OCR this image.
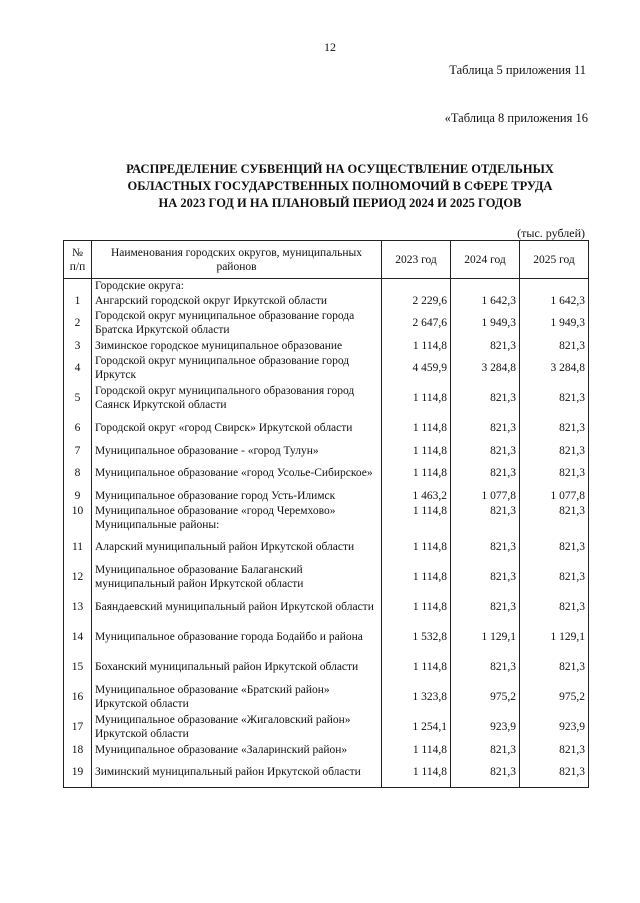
12
Таблица 5 приложения 11
«Таблица 8 приложения 16
РАСПРЕДЕЛЕНИЕ СУБВЕНЦИЙ НА ОСУЩЕСТВЛЕНИЕ ОТДЕЛЬНЫХ
ОБЛАСТНЫХ ГОСУДАРСТВЕННЫХ ПОЛНОМОЧИЙ В СФЕРЕ ТРУДА
НА 2023 ГОД И НА ПЛАНОВЫЙ ПЕРИОД 2024 И 2025 ГОДОВ
(тыс. рублей)
№ п/п	Наименования городских округов, муниципальных районов	2023 год	2024 год	2025 год
	Городские округа:			
1	Ангарский городской округ Иркутской области	2 229,6	1 642,3	1 642,3
2	Городской округ муниципальное образование города Братска Иркутской области	2 647,6	1 949,3	1 949,3
3	Зиминское городское муниципальное образование	1 114,8	821,3	821,3
4	Городской округ муниципальное образование город Иркутск	4 459,9	3 284,8	3 284,8
5	Городской округ муниципального образования город Саянск Иркутской области	1 114,8	821,3	821,3
6	Городской округ «город Свирск» Иркутской области	1 114,8	821,3	821,3
7	Муниципальное образование - «город Тулун»	1 114,8	821,3	821,3
8	Муниципальное образование «город Усолье-Сибирское»	1 114,8	821,3	821,3
9	Муниципальное образование город Усть-Илимск	1 463,2	1 077,8	1 077,8
10	Муниципальное образование «город Черемхово»	1 114,8	821,3	821,3
	Муниципальные районы:			
11	Аларский муниципальный район Иркутской области	1 114,8	821,3	821,3
12	Муниципальное образование Балаганский муниципальный район Иркутской области	1 114,8	821,3	821,3
13	Баяндаевский муниципальный район Иркутской области	1 114,8	821,3	821,3
14	Муниципальное образование города Бодайбо и района	1 532,8	1 129,1	1 129,1
15	Боханский муниципальный район Иркутской области	1 114,8	821,3	821,3
16	Муниципальное образование «Братский район» Иркутской области	1 323,8	975,2	975,2
17	Муниципальное образование «Жигаловский район» Иркутской области	1 254,1	923,9	923,9
18	Муниципальное образование «Заларинский район»	1 114,8	821,3	821,3
19	Зиминский муниципальный район Иркутской области	1 114,8	821,3	821,3
